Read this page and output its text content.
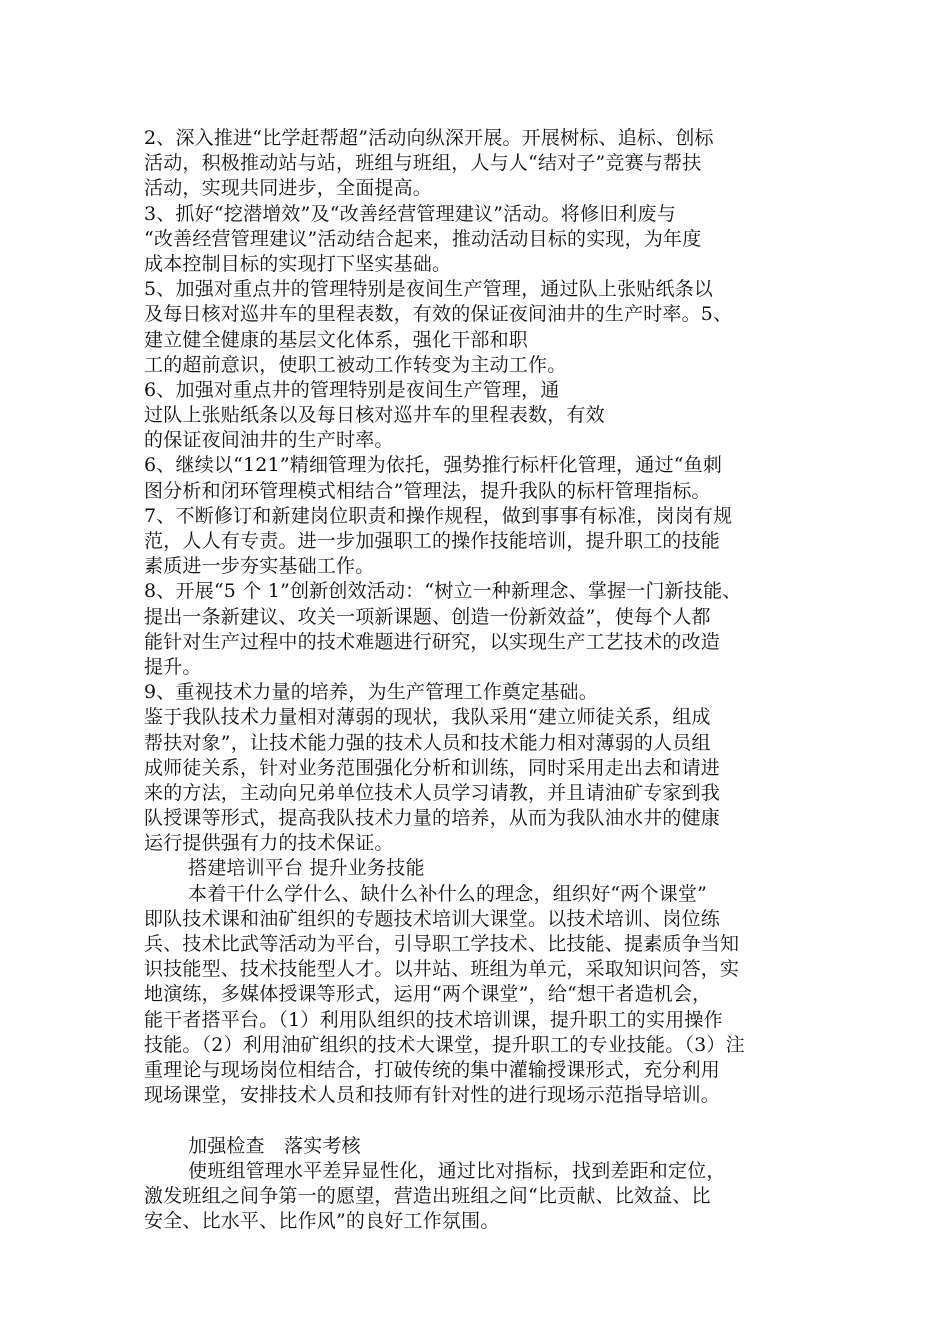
2、深入推进“比学赶帮超”活动向纵深开展。开展树标、追标、创标
活动，积极推动站与站，班组与班组，人与人“结对子”竞赛与帮扶
活动，实现共同进步，全面提高。
3、抓好“挖潜增效”及“改善经营管理建议”活动。将修旧利废与
“改善经营管理建议”活动结合起来，推动活动目标的实现，为年度
成本控制目标的实现打下坚实基础。
5、加强对重点井的管理特别是夜间生产管理，通过队上张贴纸条以
及每日核对巡井车的里程表数，有效的保证夜间油井的生产时率。5、
建立健全健康的基层文化体系，强化干部和职
工的超前意识，使职工被动工作转变为主动工作。
6、加强对重点井的管理特别是夜间生产管理，通
过队上张贴纸条以及每日核对巡井车的里程表数，有效
的保证夜间油井的生产时率。
6、继续以“121”精细管理为依托，强势推行标杆化管理，通过“鱼刺
图分析和闭环管理模式相结合”管理法，提升我队的标杆管理指标。
7、不断修订和新建岗位职责和操作规程，做到事事有标准，岗岗有规
范，人人有专责。进一步加强职工的操作技能培训，提升职工的技能
素质进一步夯实基础工作。
8、开展“5 个 1”创新创效活动：“树立一种新理念、掌握一门新技能、
提出一条新建议、攻关一项新课题、创造一份新效益”，使每个人都
能针对生产过程中的技术难题进行研究，以实现生产工艺技术的改造
提升。
9、重视技术力量的培养，为生产管理工作奠定基础。
鉴于我队技术力量相对薄弱的现状，我队采用“建立师徒关系，组成
帮扶对象”，让技术能力强的技术人员和技术能力相对薄弱的人员组
成师徒关系，针对业务范围强化分析和训练，同时采用走出去和请进
来的方法，主动向兄弟单位技术人员学习请教，并且请油矿专家到我
队授课等形式，提高我队技术力量的培养，从而为我队油水井的健康
运行提供强有力的技术保证。
搭建培训平台 提升业务技能
本着干什么学什么、缺什么补什么的理念，组织好“两个课堂”
即队技术课和油矿组织的专题技术培训大课堂。以技术培训、岗位练
兵、技术比武等活动为平台，引导职工学技术、比技能、提素质争当知
识技能型、技术技能型人才。以井站、班组为单元，采取知识问答，实
地演练，多媒体授课等形式，运用“两个课堂”，给“想干者造机会，
能干者搭平台。（1）利用队组织的技术培训课，提升职工的实用操作
技能。（2）利用油矿组织的技术大课堂，提升职工的专业技能。（3）注
重理论与现场岗位相结合，打破传统的集中灌输授课形式，充分利用
现场课堂，安排技术人员和技师有针对性的进行现场示范指导培训。
加强检查　落实考核
使班组管理水平差异显性化，通过比对指标，找到差距和定位，
激发班组之间争第一的愿望，营造出班组之间“比贡献、比效益、比
安全、比水平、比作风”的良好工作氛围。
